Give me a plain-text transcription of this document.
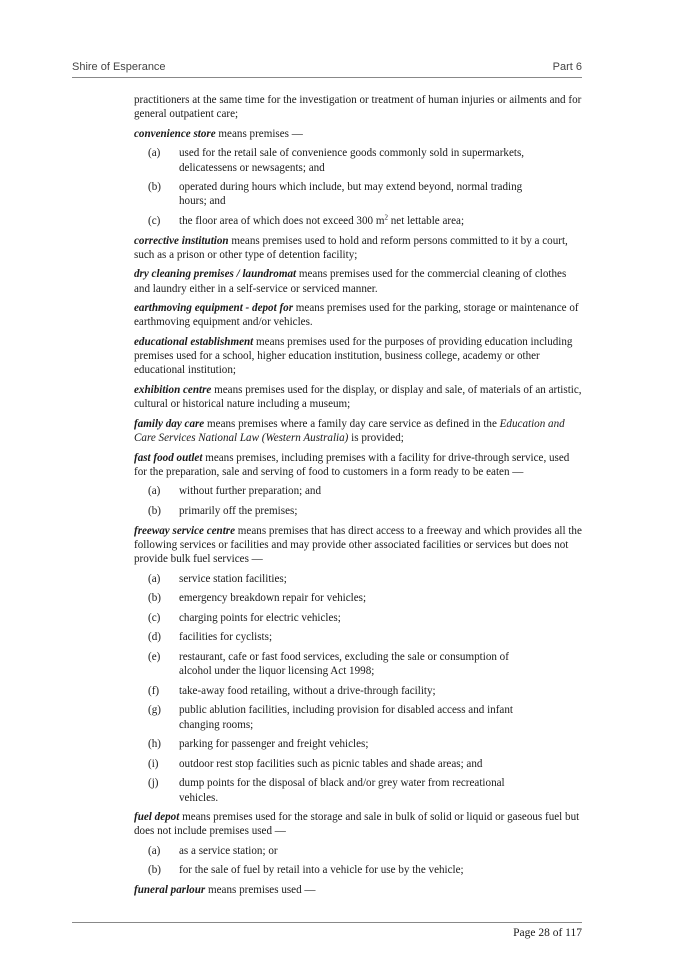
Shire of Esperance	Part 6

practitioners at the same time for the investigation or treatment of human injuries or ailments and for general outpatient care;

convenience store means premises —

(a) used for the retail sale of convenience goods commonly sold in supermarkets, delicatessens or newsagents; and
(b) operated during hours which include, but may extend beyond, normal trading hours; and
(c) the floor area of which does not exceed 300 $m^2$ net lettable area;

corrective institution means premises used to hold and reform persons committed to it by a court, such as a prison or other type of detention facility;

dry cleaning premises / laundromat means premises used for the commercial cleaning of clothes and laundry either in a self-service or serviced manner.

earthmoving equipment - depot for means premises used for the parking, storage or maintenance of earthmoving equipment and/or vehicles.

educational establishment means premises used for the purposes of providing education including premises used for a school, higher education institution, business college, academy or other educational institution;

exhibition centre means premises used for the display, or display and sale, of materials of an artistic, cultural or historical nature including a museum;

family day care means premises where a family day care service as defined in the Education and Care Services National Law (Western Australia) is provided;

fast food outlet means premises, including premises with a facility for drive-through service, used for the preparation, sale and serving of food to customers in a form ready to be eaten —

(a) without further preparation; and
(b) primarily off the premises;

freeway service centre means premises that has direct access to a freeway and which provides all the following services or facilities and may provide other associated facilities or services but does not provide bulk fuel services —

(a) service station facilities;
(b) emergency breakdown repair for vehicles;
(c) charging points for electric vehicles;
(d) facilities for cyclists;
(e) restaurant, cafe or fast food services, excluding the sale or consumption of alcohol under the liquor licensing Act 1998;
(f) take-away food retailing, without a drive-through facility;
(g) public ablution facilities, including provision for disabled access and infant changing rooms;
(h) parking for passenger and freight vehicles;
(i) outdoor rest stop facilities such as picnic tables and shade areas; and
(j) dump points for the disposal of black and/or grey water from recreational vehicles.

fuel depot means premises used for the storage and sale in bulk of solid or liquid or gaseous fuel but does not include premises used —

(a) as a service station; or
(b) for the sale of fuel by retail into a vehicle for use by the vehicle;

funeral parlour means premises used —

Page 28 of 117
